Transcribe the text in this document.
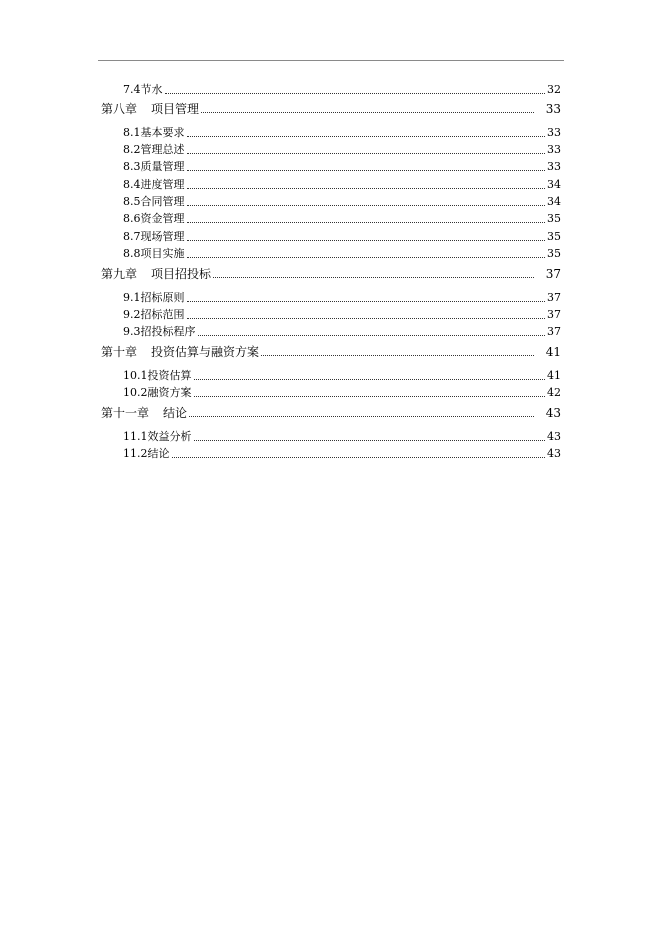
7.4 节水	32
第八章 项目管理	33
8.1 基本要求	33
8.2 管理总述	33
8.3 质量管理	33
8.4 进度管理	34
8.5 合同管理	34
8.6 资金管理	35
8.7 现场管理	35
8.8 项目实施	35
第九章 项目招投标	37
9.1 招标原则	37
9.2 招标范围	37
9.3 招投标程序	37
第十章 投资估算与融资方案	41
10.1 投资估算	41
10.2 融资方案	42
第十一章 结论	43
11.1 效益分析	43
11.2 结论	43
